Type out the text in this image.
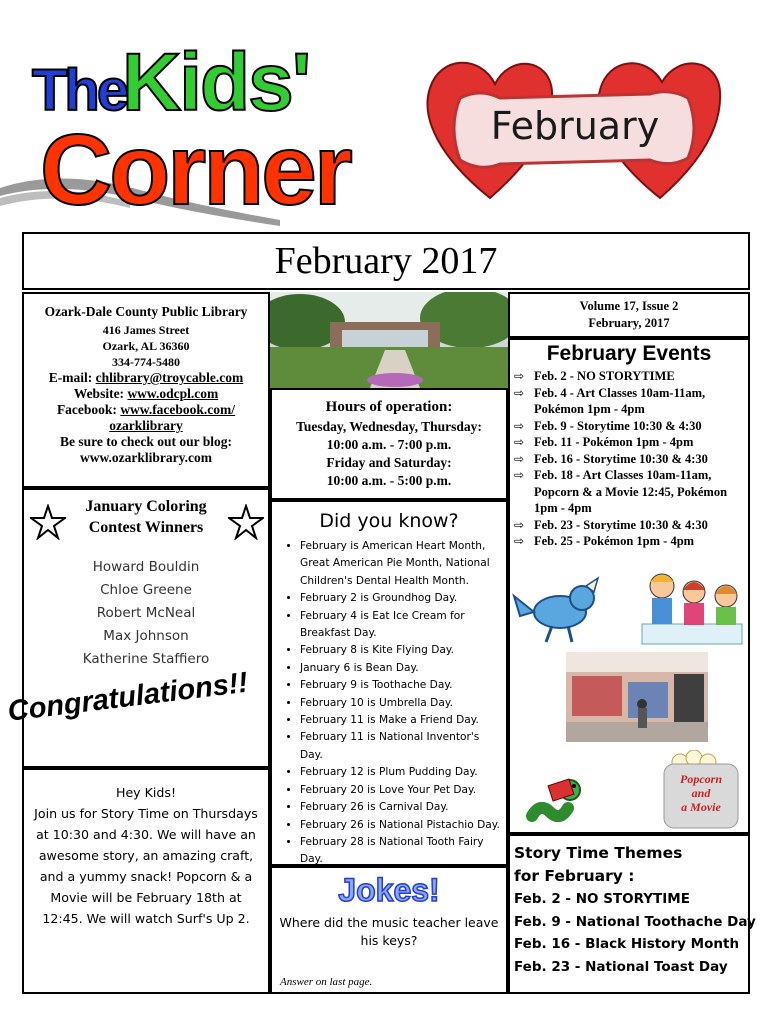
The
Kids'
Corner	February
February 2017
Ozark-Dale County Public Library
416 James Street
Ozark, AL 36360
334-774-5480
E-mail: chlibrary@troycable.com
Website: www.odcpl.com
Facebook: www.facebook.com/
ozarklibrary
Be sure to check out our blog:
www.ozarklibrary.com
Hours of operation:
Tuesday, Wednesday, Thursday:
10:00 a.m. - 7:00 p.m.
Friday and Saturday:
10:00 a.m. - 5:00 p.m.
Volume 17, Issue 2
February, 2017
February Events
⇨ Feb. 2 - NO STORYTIME
⇨ Feb. 4 - Art Classes 10am-11am, Pokémon 1pm - 4pm
⇨ Feb. 9 - Storytime 10:30 & 4:30
⇨ Feb. 11 - Pokémon 1pm - 4pm
⇨ Feb. 16 - Storytime 10:30 & 4:30
⇨ Feb. 18 - Art Classes 10am-11am, Popcorn & a Movie 12:45, Pokémon 1pm - 4pm
⇨ Feb. 23 - Storytime 10:30 & 4:30
⇨ Feb. 25 - Pokémon 1pm - 4pm
Popcorn
and
a Movie
January Coloring
Contest Winners
Howard Bouldin
Chloe Greene
Robert McNeal
Max Johnson
Katherine Staffiero
Congratulations!!
Did you know?
• February is American Heart Month, Great American Pie Month, National Children's Dental Health Month.
• February 2 is Groundhog Day.
• February 4 is Eat Ice Cream for Breakfast Day.
• February 8 is Kite Flying Day.
• January 6 is Bean Day.
• February 9 is Toothache Day.
• February 10 is Umbrella Day.
• February 11 is Make a Friend Day.
• February 11 is National Inventor's Day.
• February 12 is Plum Pudding Day.
• February 20 is Love Your Pet Day.
• February 26 is Carnival Day.
• February 26 is National Pistachio Day.
• February 28 is National Tooth Fairy Day.
Hey Kids!
Join us for Story Time on Thursdays at 10:30 and 4:30. We will have an awesome story, an amazing craft, and a yummy snack! Popcorn & a Movie will be February 18th at 12:45. We will watch Surf's Up 2.
Jokes!
Where did the music teacher leave his keys?
Answer on last page.
Story Time Themes
for February :
Feb. 2 - NO STORYTIME
Feb. 9 - National Toothache Day
Feb. 16 - Black History Month
Feb. 23 - National Toast Day
